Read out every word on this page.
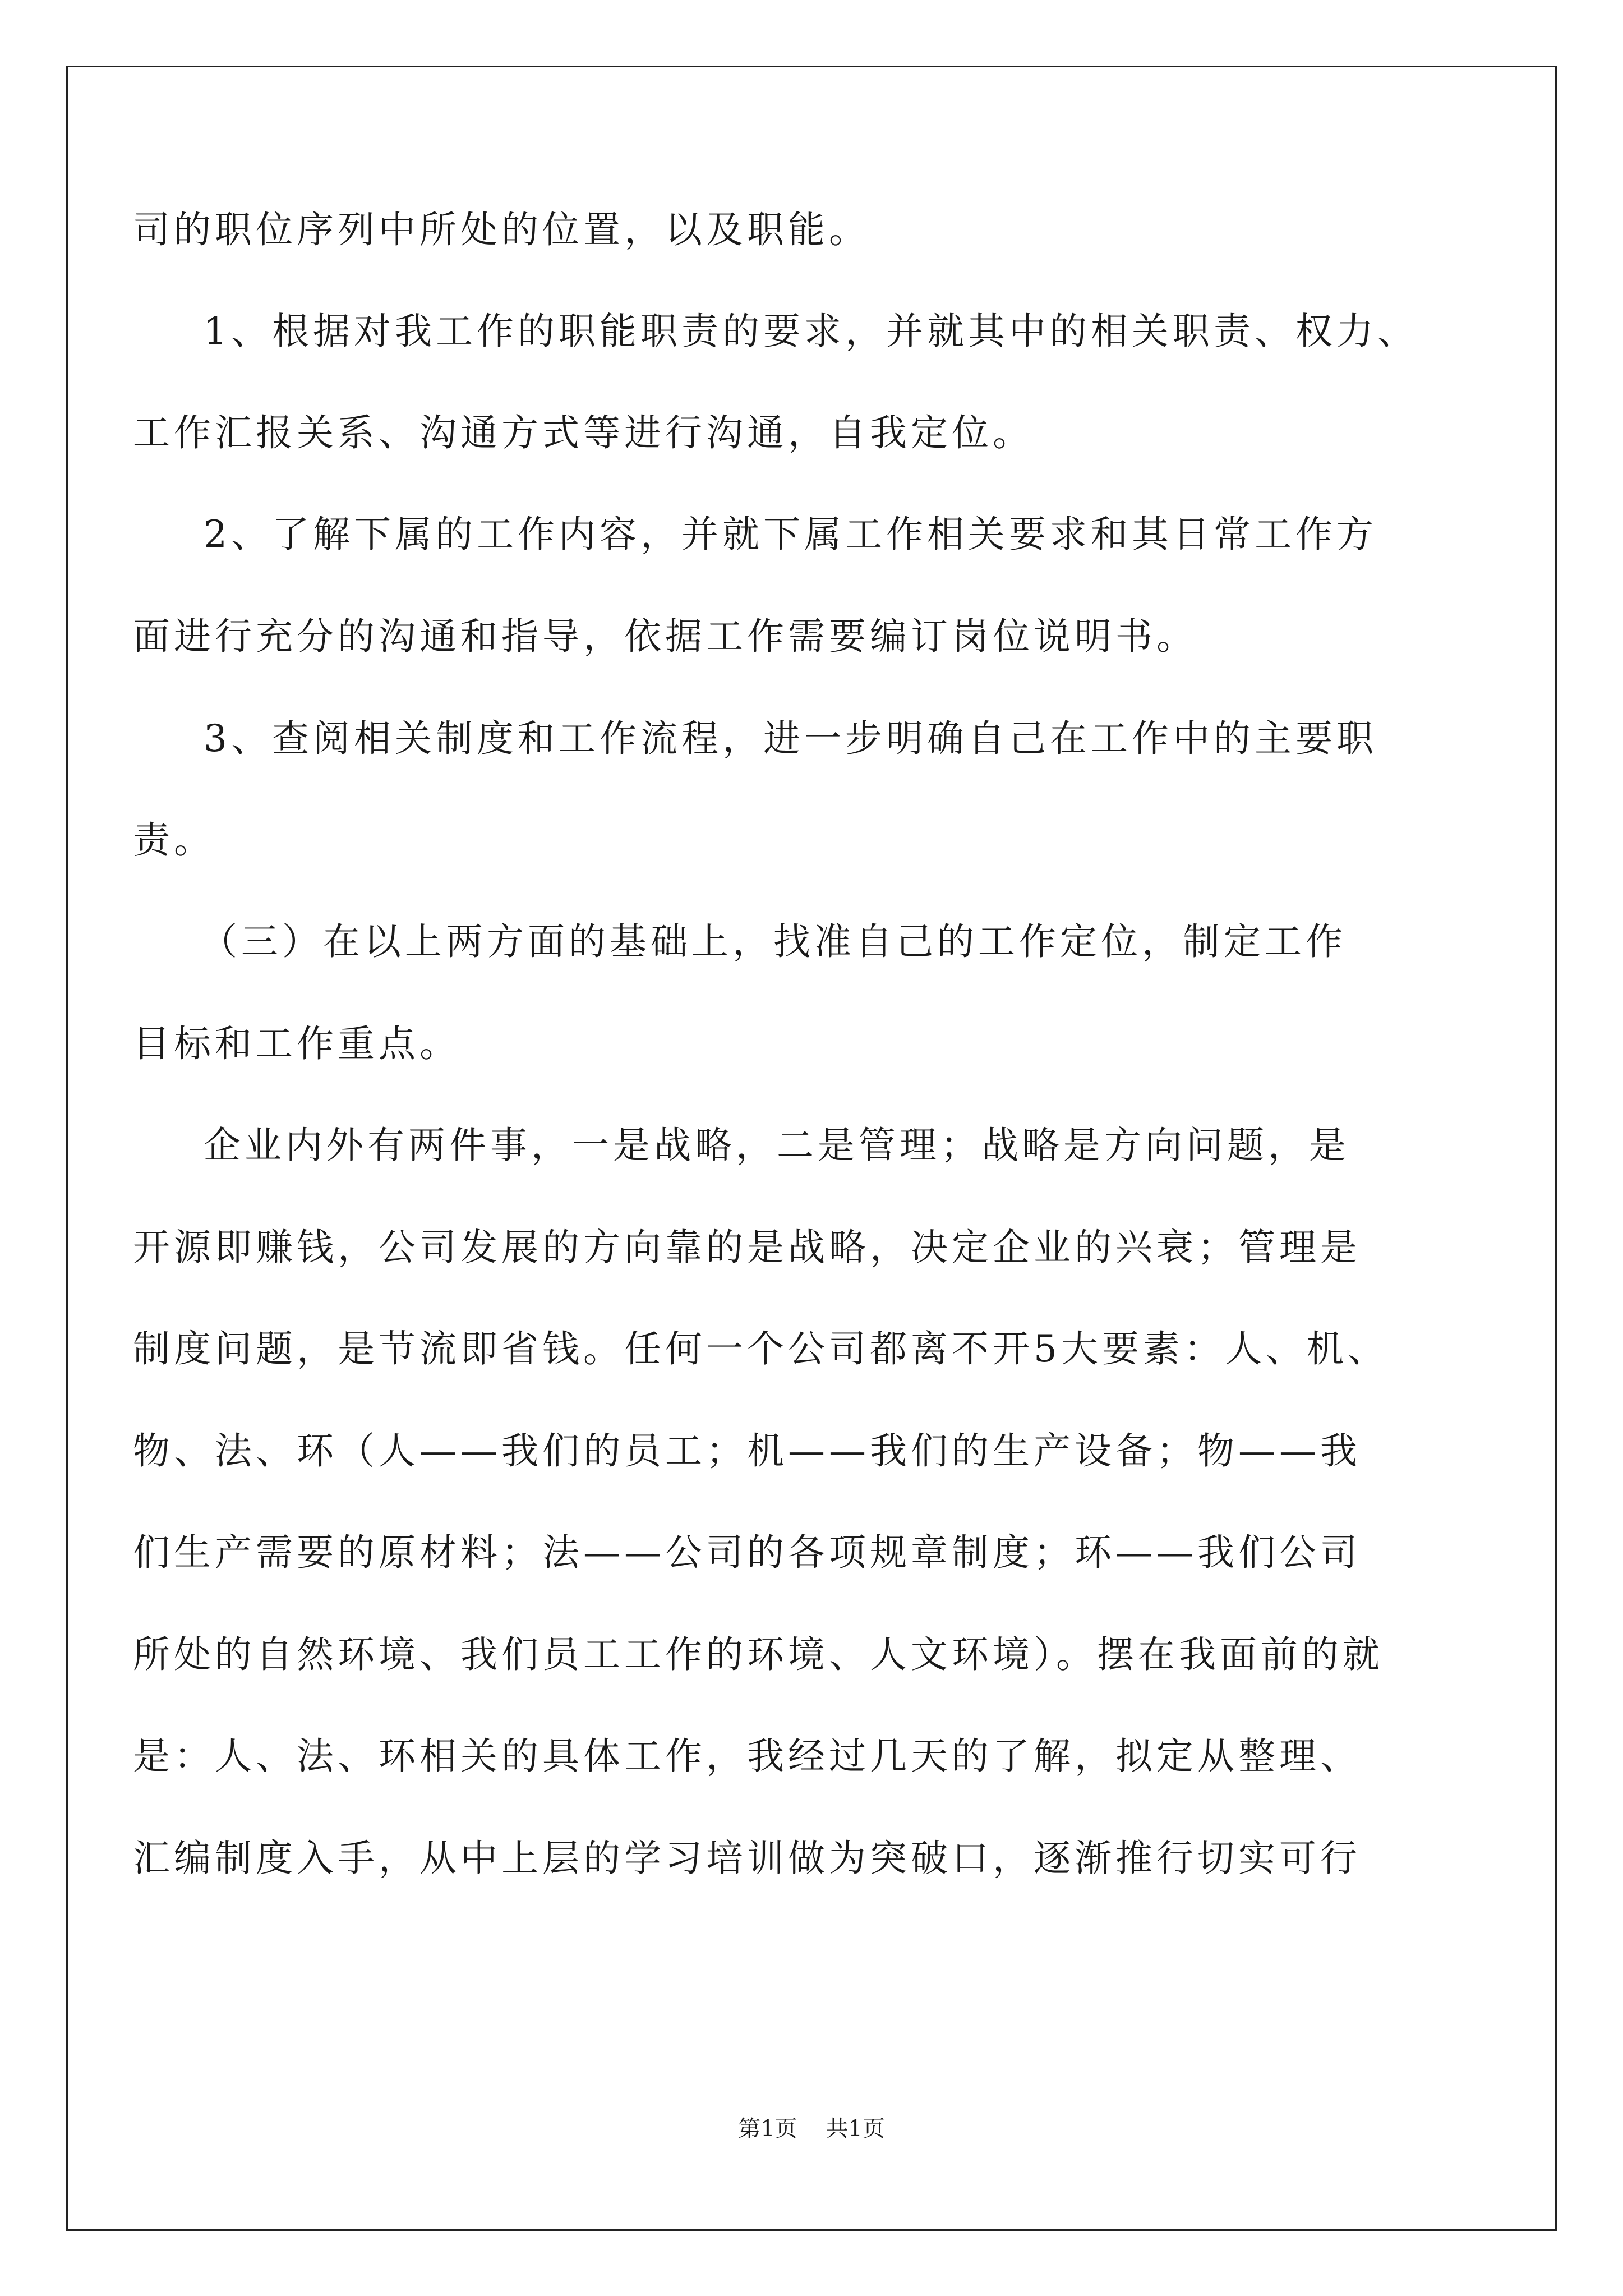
司的职位序列中所处的位置，以及职能。
1、根据对我工作的职能职责的要求，并就其中的相关职责、权力、
工作汇报关系、沟通方式等进行沟通，自我定位。
2、了解下属的工作内容，并就下属工作相关要求和其日常工作方
面进行充分的沟通和指导，依据工作需要编订岗位说明书。
3、查阅相关制度和工作流程，进一步明确自己在工作中的主要职
责。
（三）在以上两方面的基础上，找准自己的工作定位，制定工作
目标和工作重点。
企业内外有两件事，一是战略，二是管理；战略是方向问题，是
开源即赚钱，公司发展的方向靠的是战略，决定企业的兴衰；管理是
制度问题，是节流即省钱。任何一个公司都离不开5大要素：人、机、
物、法、环（人——我们的员工；机——我们的生产设备；物——我
们生产需要的原材料；法——公司的各项规章制度；环——我们公司
所处的自然环境、我们员工工作的环境、人文环境）。摆在我面前的就
是：人、法、环相关的具体工作，我经过几天的了解，拟定从整理、
汇编制度入手，从中上层的学习培训做为突破口，逐渐推行切实可行
第1页    共1页
